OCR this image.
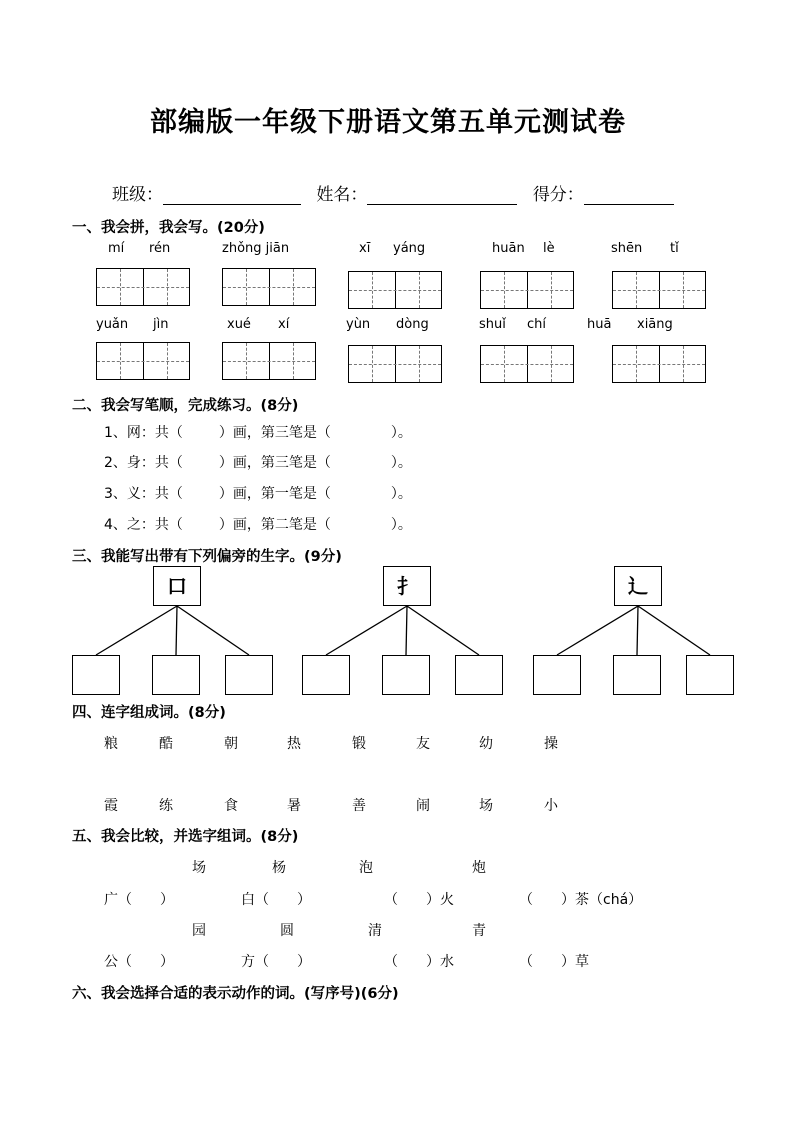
部编版一年级下册语文第五单元测试卷
班级：	姓名：	得分：
一、我会拼，我会写。(20分)
mí rén	zhǒng jiān	xī yáng	huān lè	shēn tǐ
yuǎn jìn	xué xí	yùn dòng	shuǐ chí	huā xiāng
二、我会写笔顺，完成练习。(8分)
1、网：共（	）画，第三笔是（	）。
2、身：共（	）画，第三笔是（	）。
3、义：共（	）画，第一笔是（	）。
4、之：共（	）画，第二笔是（	）。
三、我能写出带有下列偏旁的生字。(9分)
口	扌	辶
四、连字组成词。(8分)
粮	酷	朝	热	锻	友	幼	操
霞	练	食	暑	善	闹	场	小
五、我会比较，并选字组词。(8分)
场	杨	泡	炮
广（　　）	白（　　）	（　　）火	（　　）茶（chá）
园	圆	清	青
公（　　）	方（　　）	（　　）水	（　　）草
六、我会选择合适的表示动作的词。(写序号)(6分)
